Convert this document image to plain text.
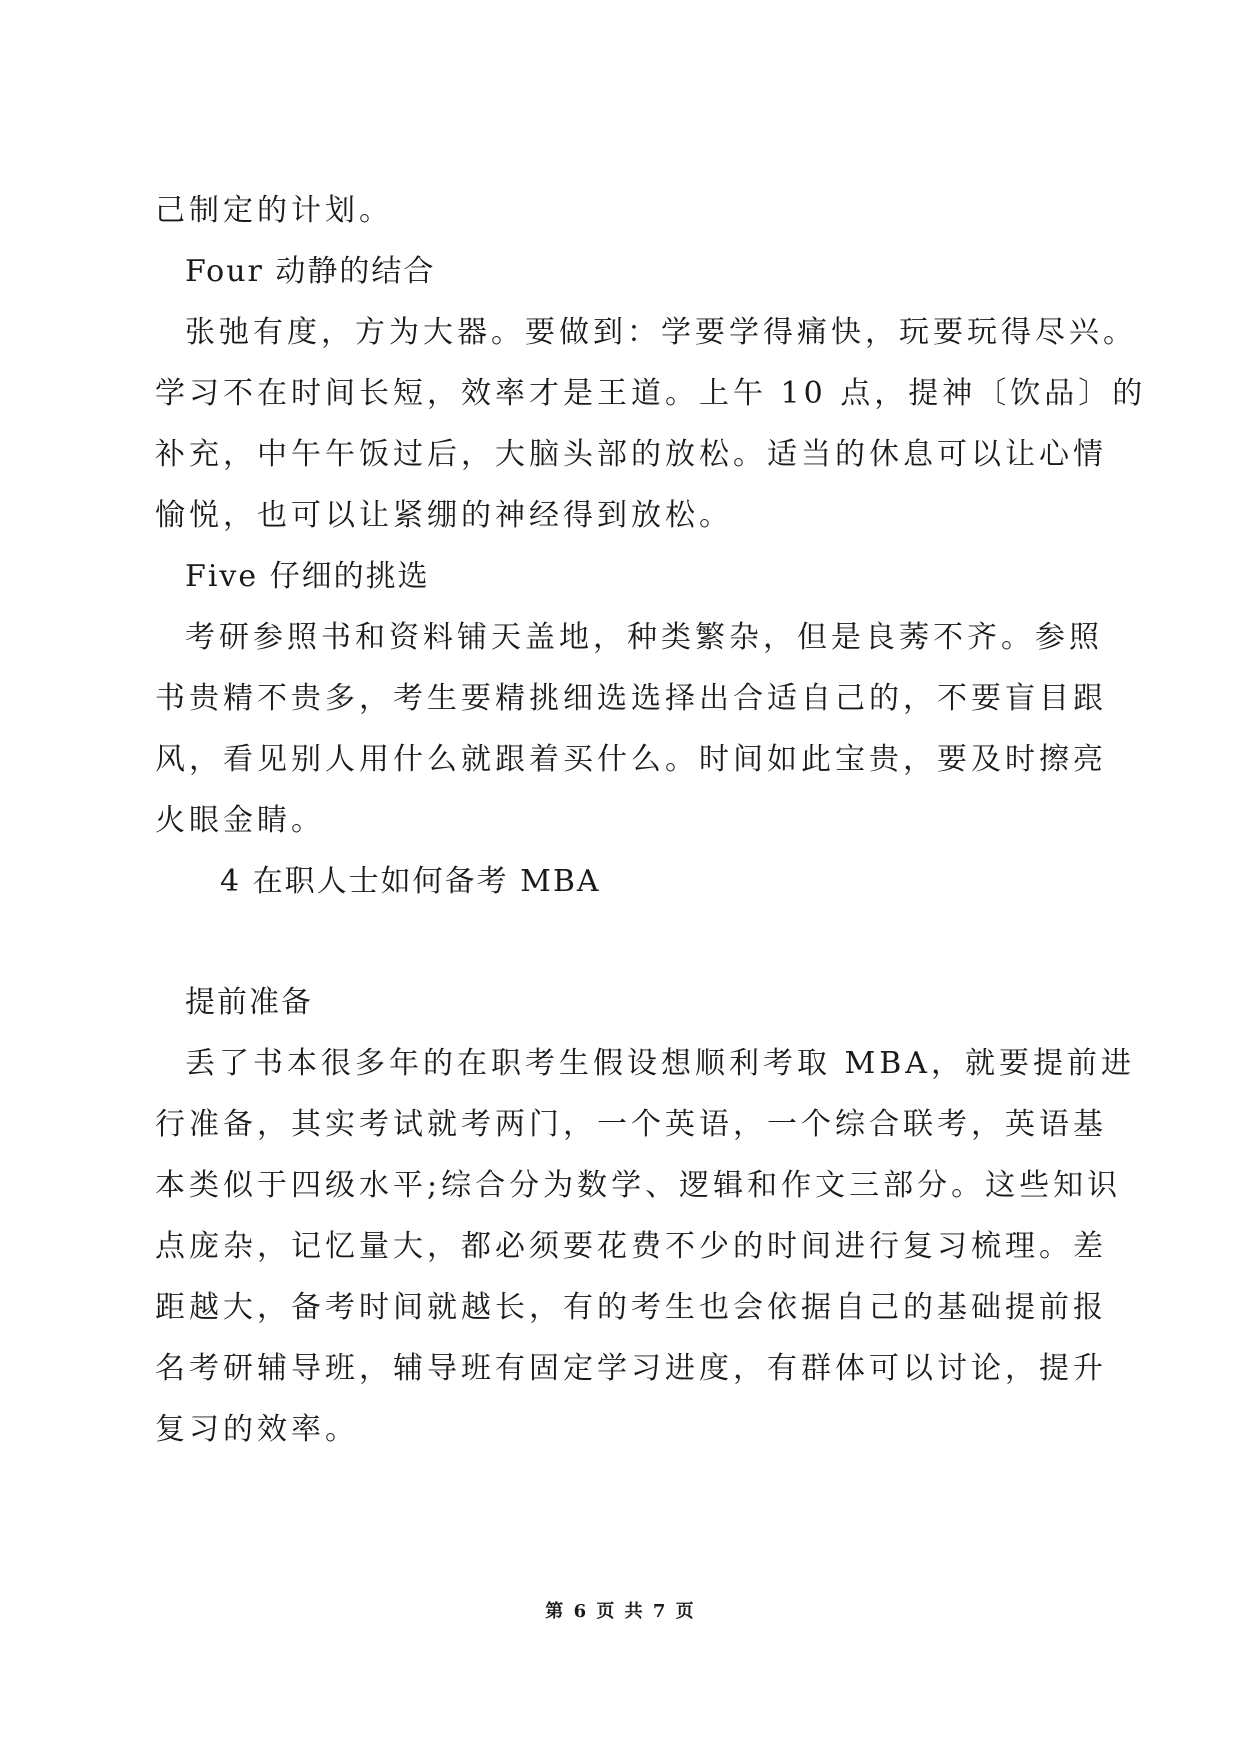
己制定的计划。
Four 动静的结合
张弛有度，方为大器。要做到：学要学得痛快，玩要玩得尽兴。
学习不在时间长短，效率才是王道。上午 10 点，提神〔饮品〕的
补充，中午午饭过后，大脑头部的放松。适当的休息可以让心情
愉悦，也可以让紧绷的神经得到放松。
Five 仔细的挑选
考研参照书和资料铺天盖地，种类繁杂，但是良莠不齐。参照
书贵精不贵多，考生要精挑细选选择出合适自己的，不要盲目跟
风，看见别人用什么就跟着买什么。时间如此宝贵，要及时擦亮
火眼金睛。
4 在职人士如何备考 MBA
提前准备
丢了书本很多年的在职考生假设想顺利考取 MBA，就要提前进
行准备，其实考试就考两门，一个英语，一个综合联考，英语基
本类似于四级水平;综合分为数学、逻辑和作文三部分。这些知识
点庞杂，记忆量大，都必须要花费不少的时间进行复习梳理。差
距越大，备考时间就越长，有的考生也会依据自己的基础提前报
名考研辅导班，辅导班有固定学习进度，有群体可以讨论，提升
复习的效率。
第 6 页 共 7 页
